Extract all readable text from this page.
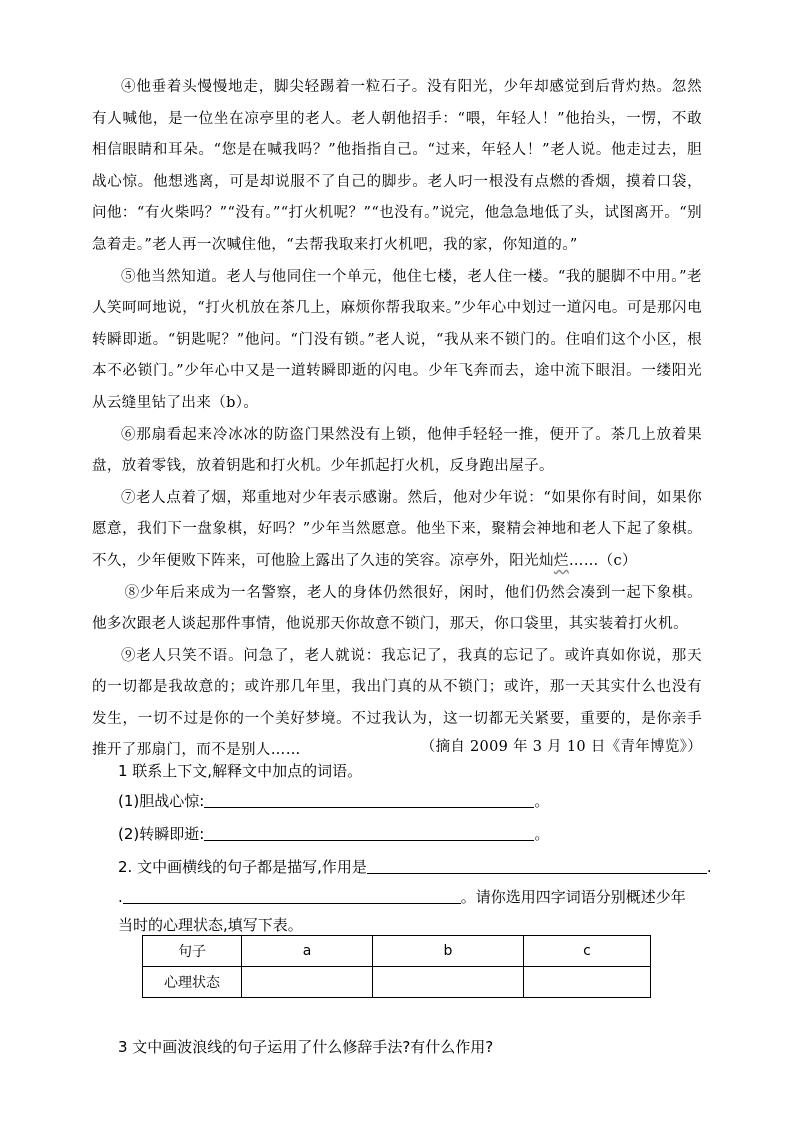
④他垂着头慢慢地走，脚尖轻踢着一粒石子。没有阳光，少年却感觉到后背灼热。忽然有人喊他，是一位坐在凉亭里的老人。老人朝他招手：“喂，年轻人！”他抬头，一愣，不敢相信眼睛和耳朵。“您是在喊我吗？”他指指自己。“过来，年轻人！”老人说。他走过去，胆战心惊。他想逃离，可是却说服不了自己的脚步。老人叼一根没有点燃的香烟，摸着口袋，问他：“有火柴吗？”“没有。”“打火机呢？”“也没有。”说完，他急急地低了头，试图离开。“别急着走。”老人再一次喊住他，“去帮我取来打火机吧，我的家，你知道的。”

⑤他当然知道。老人与他同住一个单元，他住七楼，老人住一楼。“我的腿脚不中用。”老人笑呵呵地说，“打火机放在茶几上，麻烦你帮我取来。”少年心中划过一道闪电。可是那闪电转瞬即逝。“钥匙呢？”他问。“门没有锁。”老人说，“我从来不锁门的。住咱们这个小区，根本不必锁门。”少年心中又是一道转瞬即逝的闪电。少年飞奔而去，途中流下眼泪。一缕阳光从云缝里钻了出来（b）。

⑥那扇看起来冷冰冰的防盗门果然没有上锁，他伸手轻轻一推，便开了。茶几上放着果盘，放着零钱，放着钥匙和打火机。少年抓起打火机，反身跑出屋子。

⑦老人点着了烟，郑重地对少年表示感谢。然后，他对少年说：“如果你有时间，如果你愿意，我们下一盘象棋，好吗？”少年当然愿意。他坐下来，聚精会神地和老人下起了象棋。不久，少年便败下阵来，可他脸上露出了久违的笑容。凉亭外，阳光灿烂……（c）

⑧少年后来成为一名警察，老人的身体仍然很好，闲时，他们仍然会凑到一起下象棋。他多次跟老人谈起那件事情，他说那天你故意不锁门，那天，你口袋里，其实装着打火机。

⑨老人只笑不语。问急了，老人就说：我忘记了，我真的忘记了。或许真如你说，那天的一切都是我故意的；或许那几年里，我出门真的从不锁门；或许，那一天其实什么也没有发生，一切不过是你的一个美好梦境。不过我认为，这一切都无关紧要，重要的，是你亲手推开了那扇门，而不是别人……	（摘自 2009 年 3 月 10 日《青年博览》）
1 联系上下文,解释文中加点的词语。
(1)胆战心惊:	。
(2)转瞬即逝:	。
2. 文中画横线的句子都是描写,作用是	.
.	。请你选用四字词语分别概述少年
当时的心理状态,填写下表。
句子	a	b	c
心理状态			
3 文中画波浪线的句子运用了什么修辞手法?有什么作用?
